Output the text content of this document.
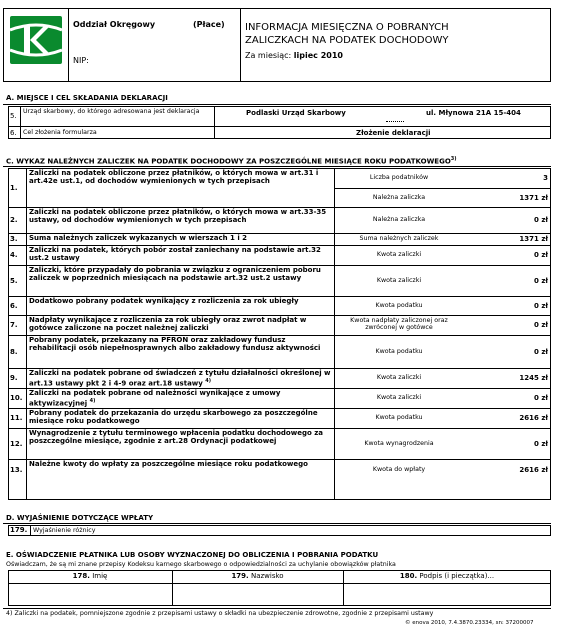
Oddział Okręgowy	(Płace)
NIP:
INFORMACJA MIESIĘCZNA O POBRANYCH
ZALICZKACH NA PODATEK DOCHODOWY
Za miesiąc: lipiec 2010
A. MIEJSCE I CEL SKŁADANIA DEKLARACJI
5.
Urząd skarbowy, do którego adresowana jest deklaracja	Podlaski Urząd Skarbowy	ul. Młynowa 21A 15-404
6. Cel złożenia formularza	Złożenie deklaracji
C. WYKAZ NALEŻNYCH ZALICZEK NA PODATEK DOCHODOWY ZA POSZCZEGÓLNE MIESIĄCE ROKU PODATKOWEGO$^{3)}$
1.
Zaliczki na podatek obliczone przez płatników, o których mowa w art.31 i art.42e ust.1, od dochodów wymienionych w tych przepisach	Liczba podatników	3
Należna zaliczka	1371 zł
2.
Zaliczki na podatek obliczone przez płatników, o których mowa w art.33-35 ustawy, od dochodów wymienionych w tych przepisach	Należna zaliczka	0 zł
3. Suma należnych zaliczek wykazanych w wierszach 1 i 2	Suma należnych zaliczek	1371 zł
4.
Zaliczki na podatek, których pobór został zaniechany na podstawie art.32 ust.2 ustawy	Kwota zaliczki	0 zł
5.
Zaliczki, które przypadały do pobrania w związku z ograniczeniem poboru zaliczek w poprzednich miesiącach na podstawie art.32 ust.2 ustawy	Kwota zaliczki	0 zł
6.
Dodatkowo pobrany podatek wynikający z rozliczenia za rok ubiegły	Kwota podatku	0 zł
7.
Nadpłaty wynikające z rozliczenia za rok ubiegły oraz zwrot nadpłat w gotówce zaliczone na poczet należnej zaliczki
Kwota nadpłaty zaliczonej oraz zwróconej w gotówce	0 zł
8.
Pobrany podatek, przekazany na PFRON oraz zakładowy fundusz rehabilitacji osób niepełnosprawnych albo zakładowy fundusz aktywności	Kwota podatku	0 zł
9.
Zaliczki na podatek pobrane od świadczeń z tytułu działalności określonej w art.13 ustawy pkt 2 i 4-9 oraz art.18 ustawy $^{4)}$	Kwota zaliczki	1245 zł
10.
Zaliczki na podatek pobrane od należności wynikające z umowy aktywizacyjnej $^{4)}$	Kwota zaliczki	0 zł
11.
Pobrany podatek do przekazania do urzędu skarbowego za poszczególne miesiące roku podatkowego	Kwota podatku	2616 zł
12.
Wynagrodzenie z tytułu terminowego wpłacenia podatku dochodowego za poszczególne miesiące, zgodnie z art.28 Ordynacji podatkowej	Kwota wynagrodzenia	0 zł
13.
Należne kwoty do wpłaty za poszczególne miesiące roku podatkowego
Kwota do wpłaty	2616 zł
D. WYJAŚNIENIE DOTYCZĄCE WPŁATY
179. Wyjaśnienie różnicy
E. OŚWIADCZENIE PŁATNIKA LUB OSOBY WYZNACZONEJ DO OBLICZENIA I POBRANIA PODATKU
Oświadczam, że są mi znane przepisy Kodeksu karnego skarbowego o odpowiedzialności za uchylanie obowiązków płatnika
178. Imię	179. Nazwisko	180. Podpis (i pieczątka)...
4) Zaliczki na podatek, pomniejszone zgodnie z przepisami ustawy o składki na ubezpieczenie zdrowotne, zgodnie z przepisami ustawy
© enova 2010, 7.4.3870.23334, sn: 37200007
